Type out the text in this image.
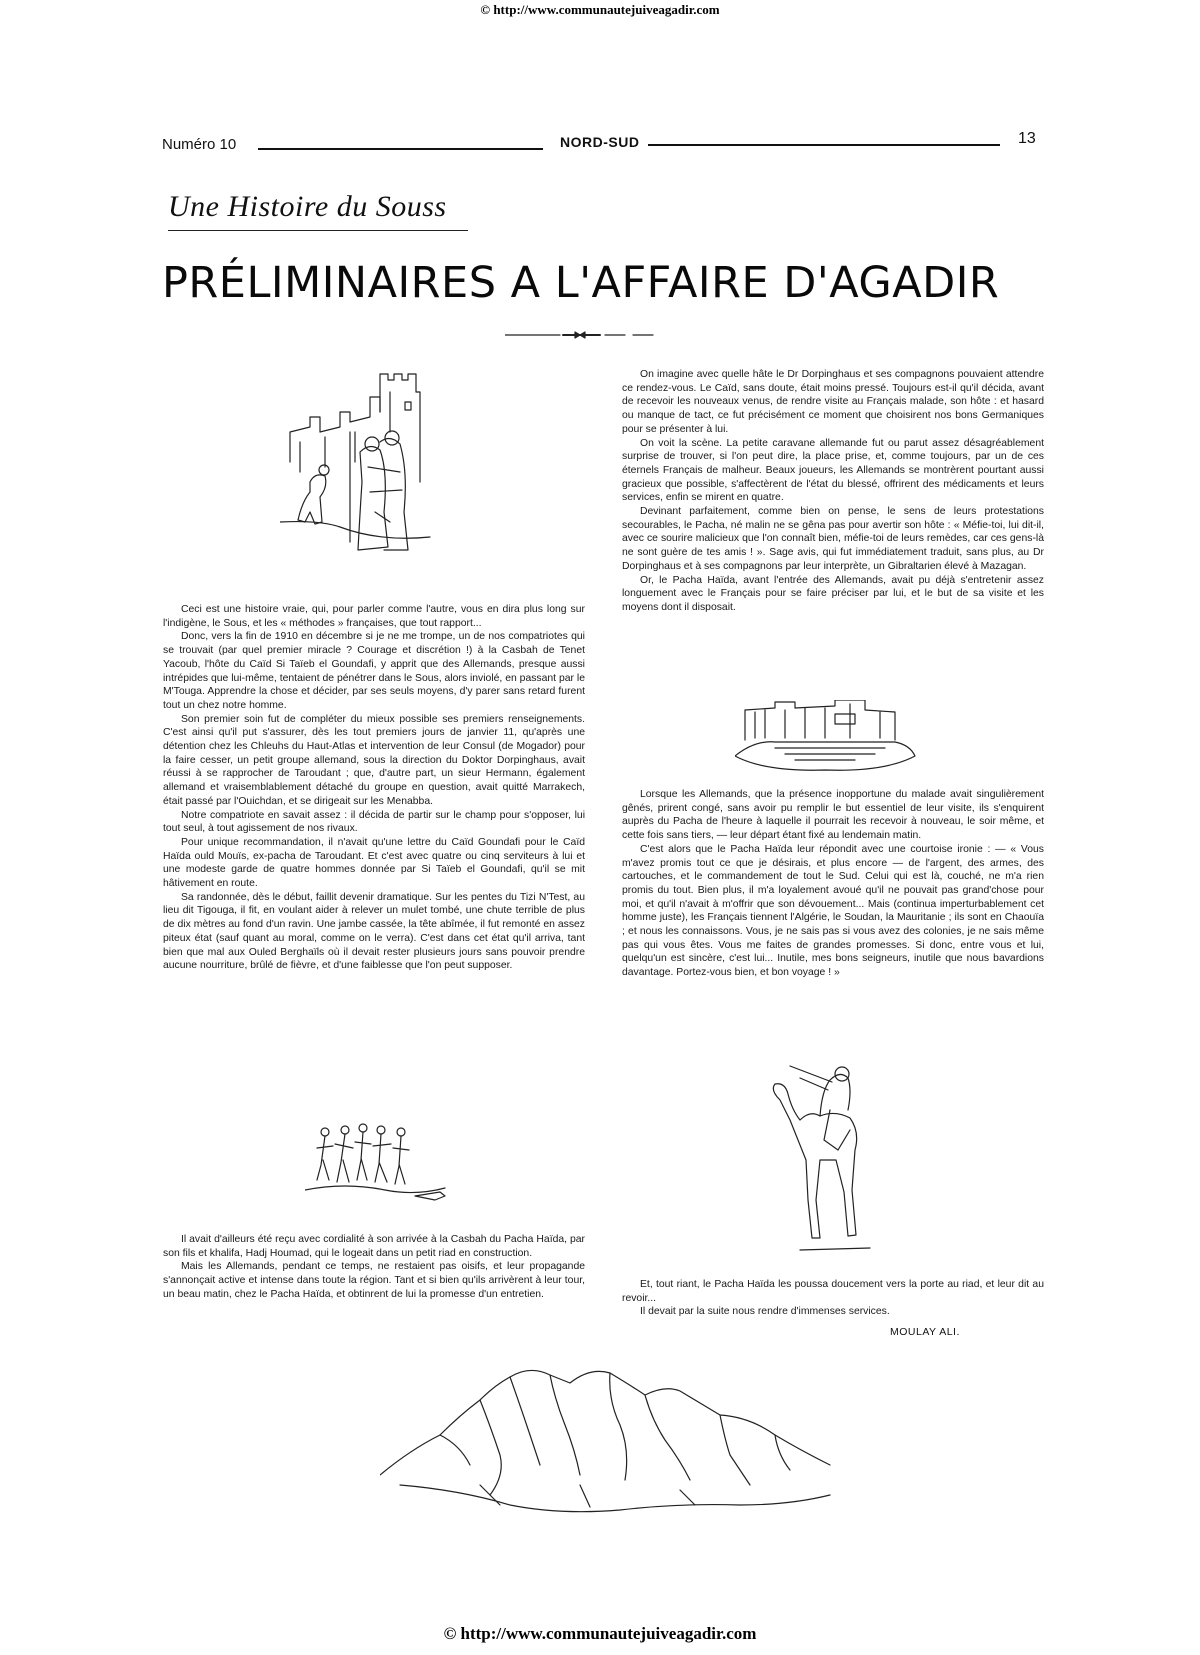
© http://www.communautejuiveagadir.com
Numéro 10	NORD-SUD	13
Une Histoire du Souss
PRÉLIMINAIRES A L'AFFAIRE D'AGADIR

Ceci est une histoire vraie, qui, pour parler comme l'autre, vous en dira plus long sur l'indigène, le Sous, et les « méthodes » françaises, que tout rapport...

Donc, vers la fin de 1910 en décembre si je ne me trompe, un de nos compatriotes qui se trouvait (par quel premier miracle ? Courage et discrétion !) à la Casbah de Tenet Yacoub, l'hôte du Caïd Si Taïeb el Goundafi, y apprit que des Allemands, presque aussi intrépides que lui-même, tentaient de pénétrer dans le Sous, alors inviolé, en passant par le M'Touga. Apprendre la chose et décider, par ses seuls moyens, d'y parer sans retard furent tout un chez notre homme.

Son premier soin fut de compléter du mieux possible ses premiers renseignements. C'est ainsi qu'il put s'assurer, dès les tout premiers jours de janvier 11, qu'après une détention chez les Chleuhs du Haut-Atlas et intervention de leur Consul (de Mogador) pour la faire cesser, un petit groupe allemand, sous la direction du Doktor Dorpinghaus, avait réussi à se rapprocher de Taroudant ; que, d'autre part, un sieur Hermann, également allemand et vraisemblablement détaché du groupe en question, avait quitté Marrakech, était passé par l'Ouichdan, et se dirigeait sur les Menabba.

Notre compatriote en savait assez : il décida de partir sur le champ pour s'opposer, lui tout seul, à tout agissement de nos rivaux.

Pour unique recommandation, il n'avait qu'une lettre du Caïd Goundafi pour le Caïd Haïda ould Mouïs, ex-pacha de Taroudant. Et c'est avec quatre ou cinq serviteurs à lui et une modeste garde de quatre hommes donnée par Si Taïeb el Goundafi, qu'il se mit hâtivement en route.

Sa randonnée, dès le début, faillit devenir dramatique. Sur les pentes du Tizi N'Test, au lieu dit Tigouga, il fit, en voulant aider à relever un mulet tombé, une chute terrible de plus de dix mètres au fond d'un ravin. Une jambe cassée, la tête abîmée, il fut remonté en assez piteux état (sauf quant au moral, comme on le verra). C'est dans cet état qu'il arriva, tant bien que mal aux Ouled Berghaïls où il devait rester plusieurs jours sans pouvoir prendre aucune nourriture, brûlé de fièvre, et d'une faiblesse que l'on peut supposer.

Il avait d'ailleurs été reçu avec cordialité à son arrivée à la Casbah du Pacha Haïda, par son fils et khalifa, Hadj Houmad, qui le logeait dans un petit riad en construction.

Mais les Allemands, pendant ce temps, ne restaient pas oisifs, et leur propagande s'annonçait active et intense dans toute la région. Tant et si bien qu'ils arrivèrent à leur tour, un beau matin, chez le Pacha Haïda, et obtinrent de lui la promesse d'un entretien.

On imagine avec quelle hâte le Dr Dorpinghaus et ses compagnons pouvaient attendre ce rendez-vous. Le Caïd, sans doute, était moins pressé. Toujours est-il qu'il décida, avant de recevoir les nouveaux venus, de rendre visite au Français malade, son hôte : et hasard ou manque de tact, ce fut précisément ce moment que choisirent nos bons Germaniques pour se présenter à lui.

On voit la scène. La petite caravane allemande fut ou parut assez désagréablement surprise de trouver, si l'on peut dire, la place prise, et, comme toujours, par un de ces éternels Français de malheur. Beaux joueurs, les Allemands se montrèrent pourtant aussi gracieux que possible, s'affectèrent de l'état du blessé, offrirent des médicaments et leurs services, enfin se mirent en quatre.

Devinant parfaitement, comme bien on pense, le sens de leurs protestations secourables, le Pacha, né malin ne se gêna pas pour avertir son hôte : « Méfie-toi, lui dit-il, avec ce sourire malicieux que l'on connaît bien, méfie-toi de leurs remèdes, car ces gens-là ne sont guère de tes amis ! ». Sage avis, qui fut immédiatement traduit, sans plus, au Dr Dorpinghaus et à ses compagnons par leur interprète, un Gibraltarien élevé à Mazagan.

Or, le Pacha Haïda, avant l'entrée des Allemands, avait pu déjà s'entretenir assez longuement avec le Français pour se faire préciser par lui, et le but de sa visite et les moyens dont il disposait.

Lorsque les Allemands, que la présence inopportune du malade avait singulièrement gênés, prirent congé, sans avoir pu remplir le but essentiel de leur visite, ils s'enquirent auprès du Pacha de l'heure à laquelle il pourrait les recevoir à nouveau, le soir même, et cette fois sans tiers, — leur départ étant fixé au lendemain matin.

C'est alors que le Pacha Haïda leur répondit avec une courtoise ironie : — « Vous m'avez promis tout ce que je désirais, et plus encore — de l'argent, des armes, des cartouches, et le commandement de tout le Sud. Celui qui est là, couché, ne m'a rien promis du tout. Bien plus, il m'a loyalement avoué qu'il ne pouvait pas grand'chose pour moi, et qu'il n'avait à m'offrir que son dévouement... Mais (continua imperturbablement cet homme juste), les Français tiennent l'Algérie, le Soudan, la Mauritanie ; ils sont en Chaouïa ; et nous les connaissons. Vous, je ne sais pas si vous avez des colonies, je ne sais même pas qui vous êtes. Vous me faites de grandes promesses. Si donc, entre vous et lui, quelqu'un est sincère, c'est lui... Inutile, mes bons seigneurs, inutile que nous bavardions davantage. Portez-vous bien, et bon voyage ! »

Et, tout riant, le Pacha Haïda les poussa doucement vers la porte au riad, et leur dit au revoir...

Il devait par la suite nous rendre d'immenses services.

MOULAY ALI.
© http://www.communautejuiveagadir.com
